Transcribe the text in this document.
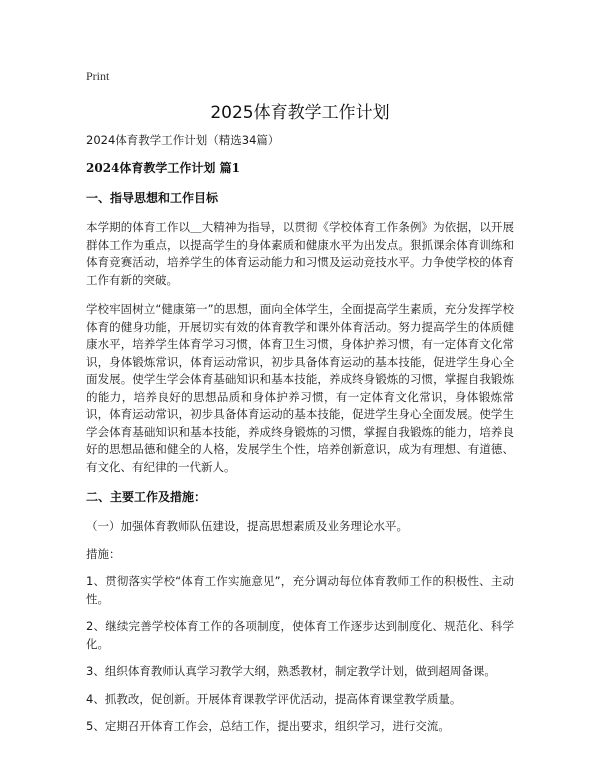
Print
2025体育教学工作计划
2024体育教学工作计划（精选34篇）
2024体育教学工作计划 篇1
一、指导思想和工作目标

本学期的体育工作以＿大精神为指导，以贯彻《学校体育工作条例》为依据，以开展群体工作为重点，以提高学生的身体素质和健康水平为出发点。狠抓课余体育训练和体育竞赛活动，培养学生的体育运动能力和习惯及运动竞技水平。力争使学校的体育工作有新的突破。

学校牢固树立“健康第一”的思想，面向全体学生，全面提高学生素质，充分发挥学校体育的健身功能，开展切实有效的体育教学和课外体育活动。努力提高学生的体质健康水平，培养学生体育学习习惯，体育卫生习惯，身体护养习惯，有一定体育文化常识，身体锻炼常识，体育运动常识，初步具备体育运动的基本技能，促进学生身心全面发展。使学生学会体育基础知识和基本技能，养成终身锻炼的习惯，掌握自我锻炼的能力，培养良好的思想品质和身体护养习惯，有一定体育文化常识，身体锻炼常识，体育运动常识，初步具备体育运动的基本技能，促进学生身心全面发展。使学生学会体育基础知识和基本技能，养成终身锻炼的习惯，掌握自我锻炼的能力，培养良好的思想品德和健全的人格，发展学生个性，培养创新意识，成为有理想、有道德、有文化、有纪律的一代新人。

二、主要工作及措施：

（一）加强体育教师队伍建设，提高思想素质及业务理论水平。

措施：

1、贯彻落实学校“体育工作实施意见”，充分调动每位体育教师工作的积极性、主动性。

2、继续完善学校体育工作的各项制度，使体育工作逐步达到制度化、规范化、科学化。

3、组织体育教师认真学习教学大纲，熟悉教材，制定教学计划，做到超周备课。

4、抓教改，促创新。开展体育课教学评优活动，提高体育课堂教学质量。

5、定期召开体育工作会，总结工作，提出要求，组织学习，进行交流。
